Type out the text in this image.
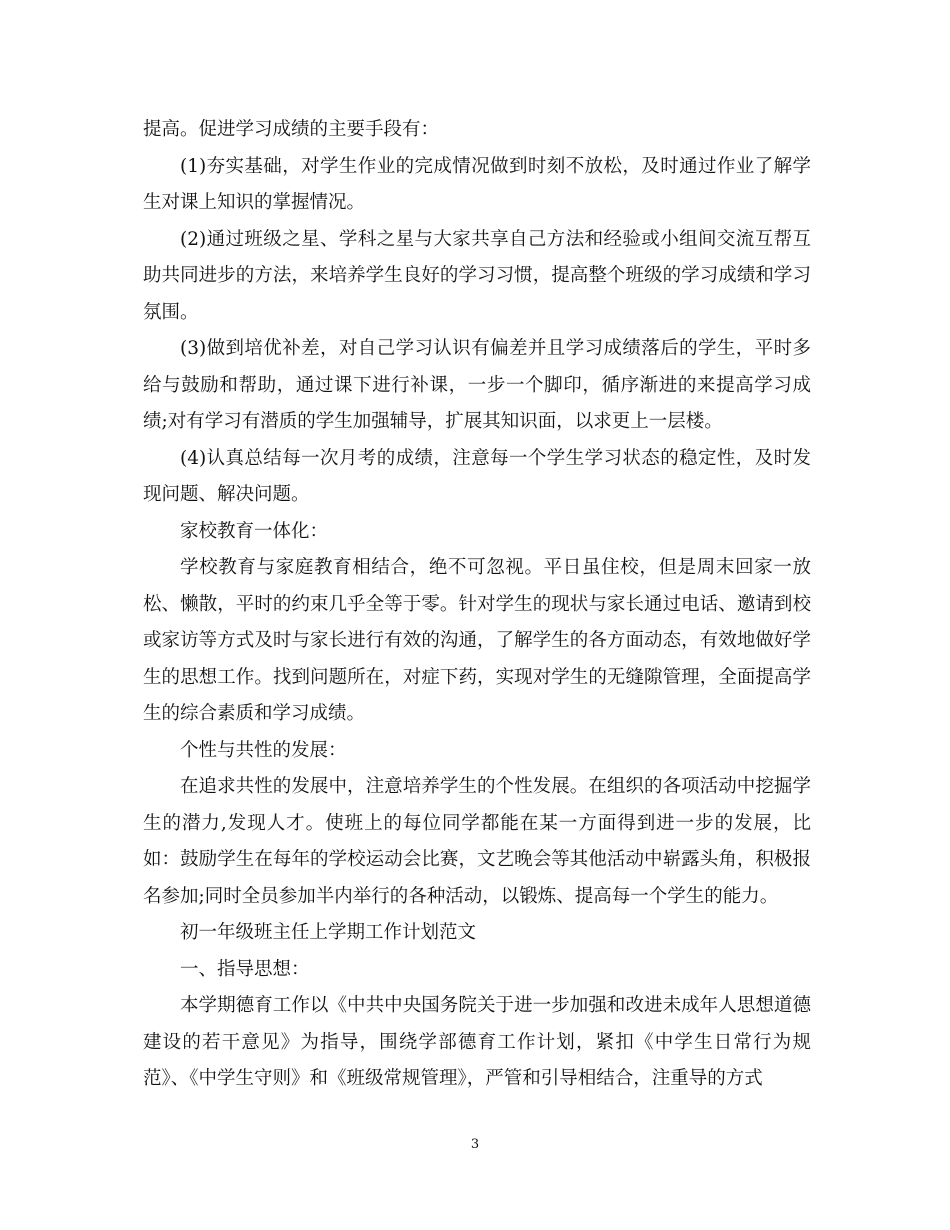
提高。促进学习成绩的主要手段有：

(1)夯实基础，对学生作业的完成情况做到时刻不放松，及时通过作业了解学生对课上知识的掌握情况。

(2)通过班级之星、学科之星与大家共享自己方法和经验或小组间交流互帮互助共同进步的方法，来培养学生良好的学习习惯，提高整个班级的学习成绩和学习氛围。

(3)做到培优补差，对自己学习认识有偏差并且学习成绩落后的学生，平时多给与鼓励和帮助，通过课下进行补课，一步一个脚印，循序渐进的来提高学习成绩;对有学习有潜质的学生加强辅导，扩展其知识面，以求更上一层楼。

(4)认真总结每一次月考的成绩，注意每一个学生学习状态的稳定性，及时发现问题、解决问题。

家校教育一体化：

学校教育与家庭教育相结合，绝不可忽视。平日虽住校，但是周末回家一放松、懒散，平时的约束几乎全等于零。针对学生的现状与家长通过电话、邀请到校或家访等方式及时与家长进行有效的沟通，了解学生的各方面动态，有效地做好学生的思想工作。找到问题所在，对症下药，实现对学生的无缝隙管理，全面提高学生的综合素质和学习成绩。

个性与共性的发展：

在追求共性的发展中，注意培养学生的个性发展。在组织的各项活动中挖掘学生的潜力,发现人才。使班上的每位同学都能在某一方面得到进一步的发展，比如：鼓励学生在每年的学校运动会比赛，文艺晚会等其他活动中崭露头角，积极报名参加;同时全员参加半内举行的各种活动，以锻炼、提高每一个学生的能力。

初一年级班主任上学期工作计划范文

一、指导思想：

本学期德育工作以《中共中央国务院关于进一步加强和改进未成年人思想道德建设的若干意见》为指导，围绕学部德育工作计划，紧扣《中学生日常行为规范》、《中学生守则》和《班级常规管理》，严管和引导相结合，注重导的方式

3
